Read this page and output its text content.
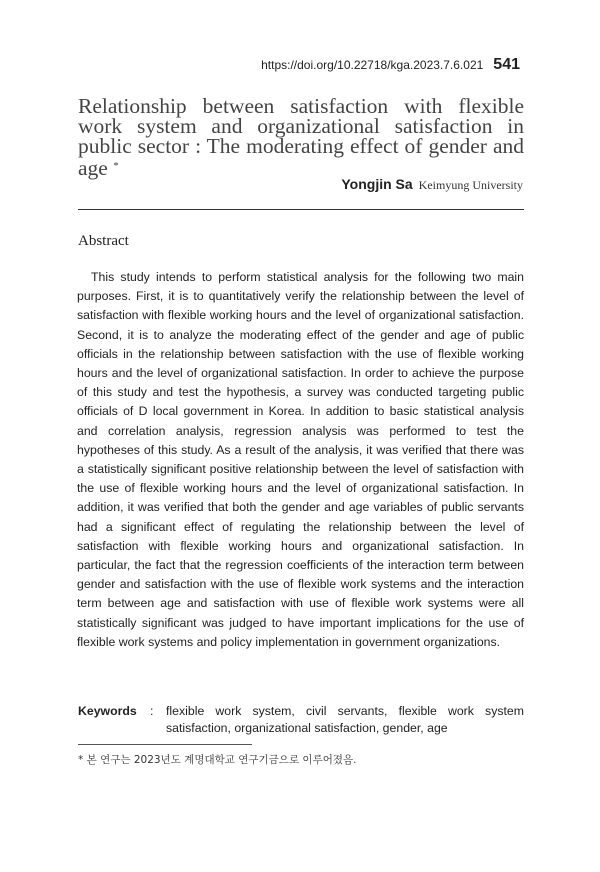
https://doi.org/10.22718/kga.2023.7.6.021 541
Relationship between satisfaction with flexible work system and organizational satisfaction in public sector : The moderating effect of gender and age *
Yongjin Sa Keimyung University
Abstract

This study intends to perform statistical analysis for the following two main purposes. First, it is to quantitatively verify the relationship between the level of satisfaction with flexible working hours and the level of organizational satisfaction. Second, it is to analyze the moderating effect of the gender and age of public officials in the relationship between satisfaction with the use of flexible working hours and the level of organizational satisfaction. In order to achieve the purpose of this study and test the hypothesis, a survey was conducted targeting public officials of D local government in Korea. In addition to basic statistical analysis and correlation analysis, regression analysis was performed to test the hypotheses of this study. As a result of the analysis, it was verified that there was a statistically significant positive relationship between the level of satisfaction with the use of flexible working hours and the level of organizational satisfaction. In addition, it was verified that both the gender and age variables of public servants had a significant effect of regulating the relationship between the level of satisfaction with flexible working hours and organizational satisfaction. In particular, the fact that the regression coefficients of the interaction term between gender and satisfaction with the use of flexible work systems and the interaction term between age and satisfaction with use of flexible work systems were all statistically significant was judged to have important implications for the use of flexible work systems and policy implementation in government organizations.

Keywords	:	flexible work system, civil servants, flexible work system satisfaction, organizational satisfaction, gender, age
* 본 연구는 2023년도 계명대학교 연구기금으로 이루어졌음.
